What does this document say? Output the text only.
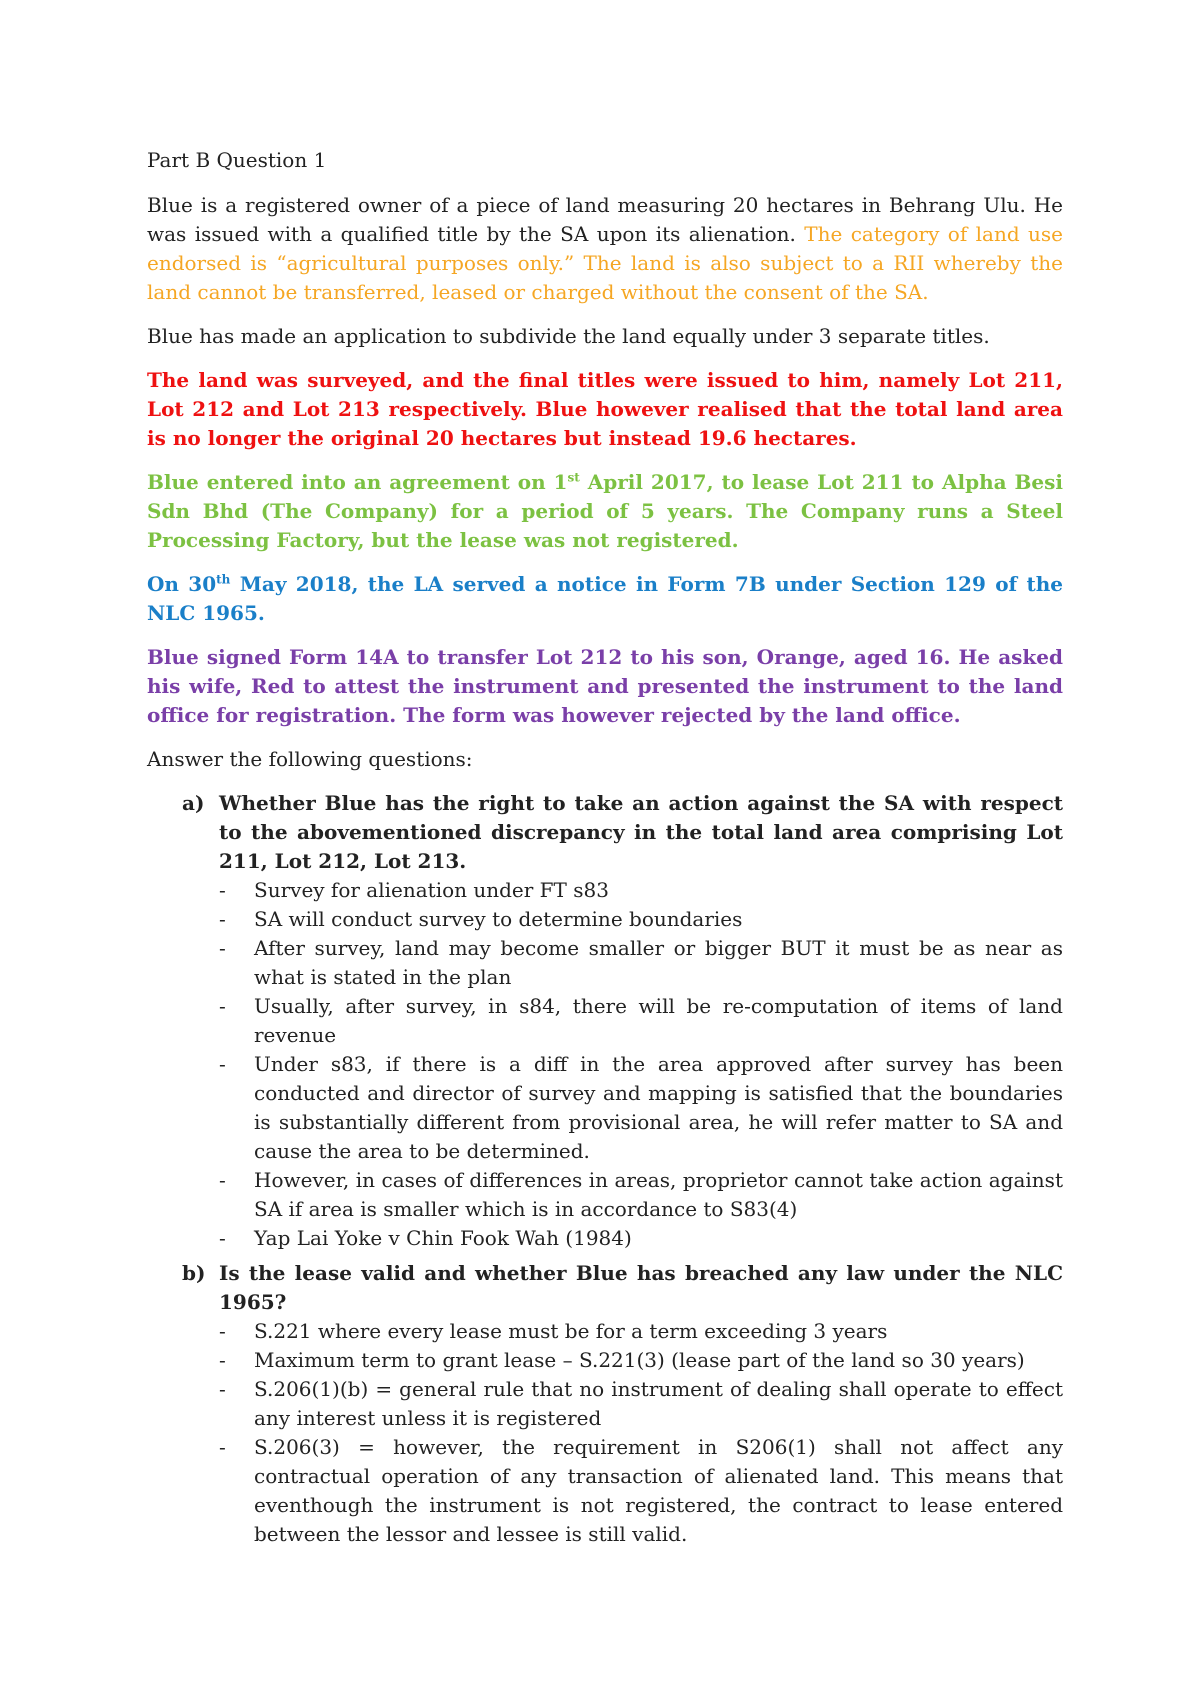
Part B Question 1

Blue is a registered owner of a piece of land measuring 20 hectares in Behrang Ulu. He was issued with a qualified title by the SA upon its alienation. The category of land use endorsed is “agricultural purposes only.” The land is also subject to a RII whereby the land cannot be transferred, leased or charged without the consent of the SA.

Blue has made an application to subdivide the land equally under 3 separate titles.

The land was surveyed, and the final titles were issued to him, namely Lot 211, Lot 212 and Lot 213 respectively. Blue however realised that the total land area is no longer the original 20 hectares but instead 19.6 hectares.

Blue entered into an agreement on 1st April 2017, to lease Lot 211 to Alpha Besi Sdn Bhd (The Company) for a period of 5 years. The Company runs a Steel Processing Factory, but the lease was not registered.

On 30th May 2018, the LA served a notice in Form 7B under Section 129 of the NLC 1965.

Blue signed Form 14A to transfer Lot 212 to his son, Orange, aged 16. He asked his wife, Red to attest the instrument and presented the instrument to the land office for registration. The form was however rejected by the land office.

Answer the following questions:

a) Whether Blue has the right to take an action against the SA with respect to the abovementioned discrepancy in the total land area comprising Lot 211, Lot 212, Lot 213.
- Survey for alienation under FT s83
- SA will conduct survey to determine boundaries
- After survey, land may become smaller or bigger BUT it must be as near as what is stated in the plan
- Usually, after survey, in s84, there will be re-computation of items of land revenue
- Under s83, if there is a diff in the area approved after survey has been conducted and director of survey and mapping is satisfied that the boundaries is substantially different from provisional area, he will refer matter to SA and cause the area to be determined.
- However, in cases of differences in areas, proprietor cannot take action against SA if area is smaller which is in accordance to S83(4)
- Yap Lai Yoke v Chin Fook Wah (1984)
b) Is the lease valid and whether Blue has breached any law under the NLC 1965?
- S.221 where every lease must be for a term exceeding 3 years
- Maximum term to grant lease – S.221(3) (lease part of the land so 30 years)
- S.206(1)(b) = general rule that no instrument of dealing shall operate to effect any interest unless it is registered
- S.206(3) = however, the requirement in S206(1) shall not affect any contractual operation of any transaction of alienated land. This means that eventhough the instrument is not registered, the contract to lease entered between the lessor and lessee is still valid.
